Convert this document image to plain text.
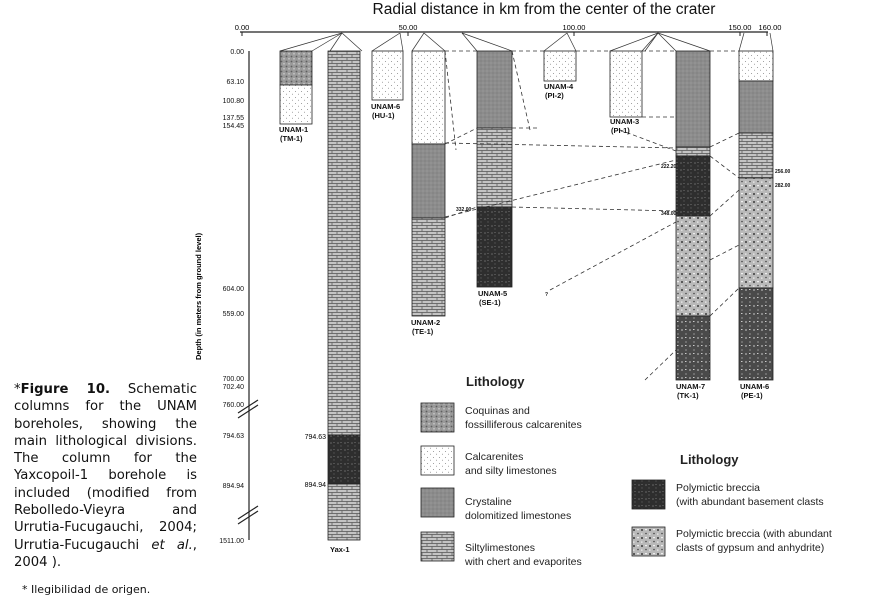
Radial distance in km from the center of the crater
0.00	50.00	100.00	150.00 160.00
Depth (in meters from ground level)
0.00
63.10
100.80
137.55
154.45
604.00
559.00
700.00
702.40
760.00
794.63
894.94
1511.00
794.63
894.94
UNAM-1
(TM-1)
UNAM-6
(HU-1)
UNAM-2
(TE-1)
UNAM-5
(SE-1)
UNAM-4
(PI-2)
UNAM-3
(PI-1)
UNAM-7
(TK-1)
UNAM-6
(PE-1)
Yax-1
332.00
222.20
348.00
256.00
282.00
?
Lithology
Coquinas and
fossilliferous calcarenites
Calcarenites
and silty limestones
Crystaline
dolomitized limestones
Siltylimestones
with chert and evaporites
Lithology
Polymictic breccia
(with abundant basement clasts
Polymictic breccia (with abundant
clasts of gypsum and anhydrite)
*Figure 10. Schematic columns for the UNAM boreholes, showing the main lithological divisions. The column for the Yaxcopoil-1 borehole is included (modified from Rebolledo-Vieyra and Urrutia-Fucugauchi, 2004; Urrutia-Fucugauchi et al., 2004 ).
* Ilegibilidad de origen.
